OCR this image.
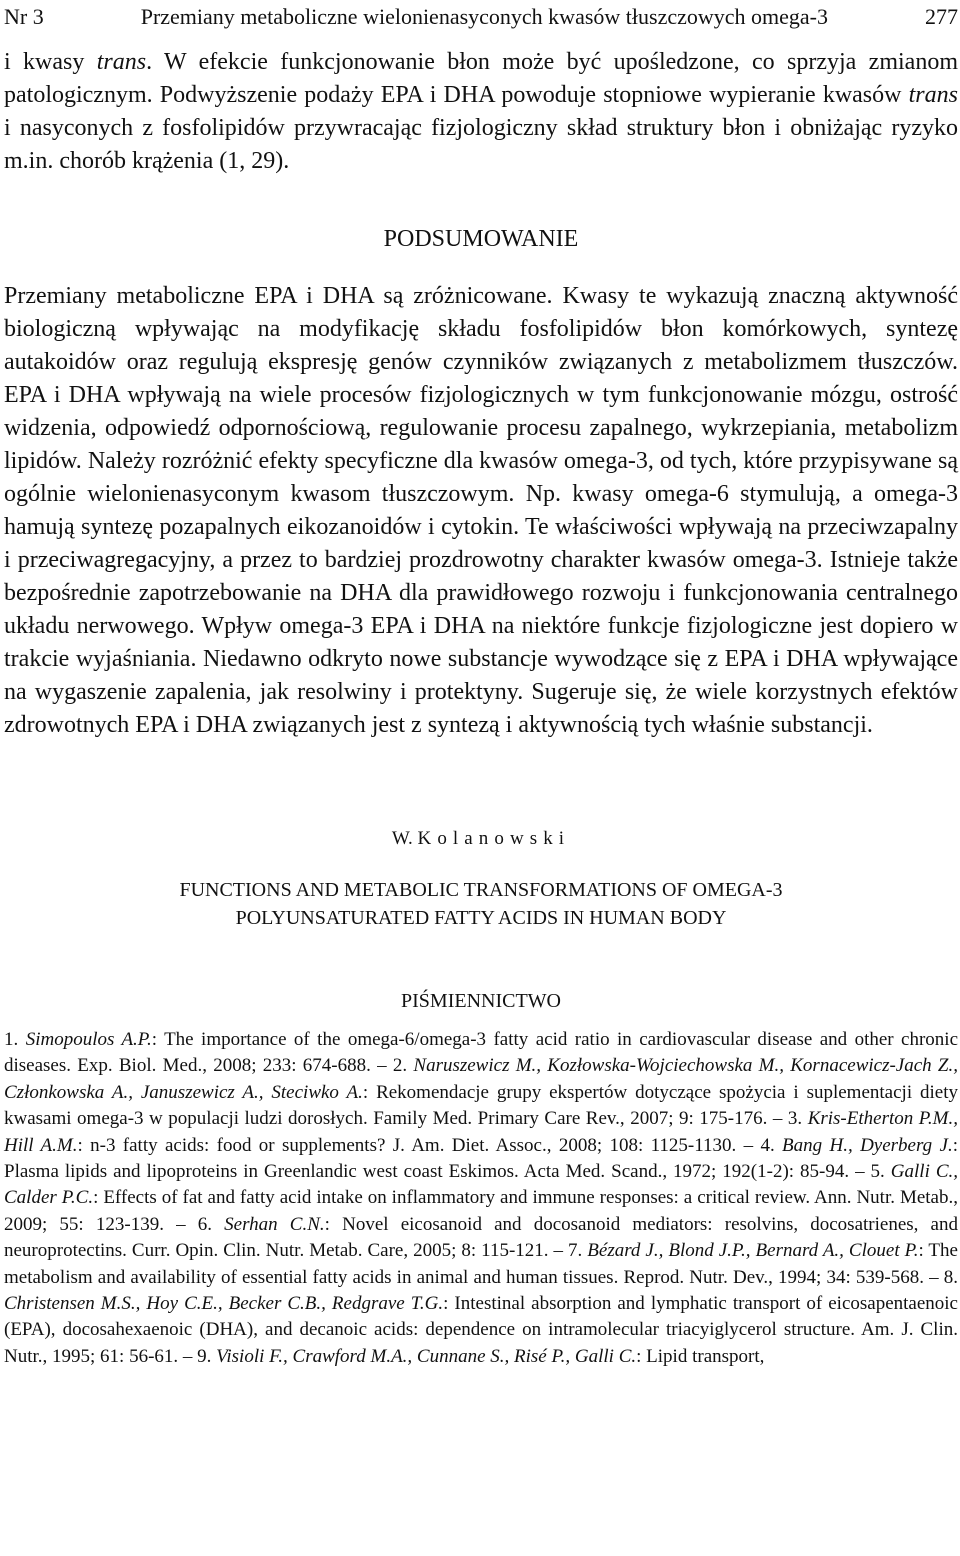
Nr 3	Przemiany metaboliczne wielonienasyconych kwasów tłuszczowych omega-3	277

i kwasy trans. W efekcie funkcjonowanie błon może być upośledzone, co sprzyja zmianom patologicznym. Podwyższenie podaży EPA i DHA powoduje stopniowe wypieranie kwasów trans i nasyconych z fosfolipidów przywracając fizjologiczny skład struktury błon i obniżając ryzyko m.in. chorób krążenia (1, 29).

PODSUMOWANIE

Przemiany metaboliczne EPA i DHA są zróżnicowane. Kwasy te wykazują znaczną aktywność biologiczną wpływając na modyfikację składu fosfolipidów błon komórkowych, syntezę autakoidów oraz regulują ekspresję genów czynników związanych z metabolizmem tłuszczów. EPA i DHA wpływają na wiele procesów fizjologicznych w tym funkcjonowanie mózgu, ostrość widzenia, odpowiedź odpornościową, regulowanie procesu zapalnego, wykrzepiania, metabolizm lipidów. Należy rozróżnić efekty specyficzne dla kwasów omega-3, od tych, które przypisywane są ogólnie wielonienasyconym kwasom tłuszczowym. Np. kwasy omega-6 stymulują, a omega-3 hamują syntezę pozapalnych eikozanoidów i cytokin. Te właściwości wpływają na przeciwzapalny i przeciwagregacyjny, a przez to bardziej prozdrowotny charakter kwasów omega-3. Istnieje także bezpośrednie zapotrzebowanie na DHA dla prawidłowego rozwoju i funkcjonowania centralnego układu nerwowego. Wpływ omega-3 EPA i DHA na niektóre funkcje fizjologiczne jest dopiero w trakcie wyjaśniania. Niedawno odkryto nowe substancje wywodzące się z EPA i DHA wpływające na wygaszenie zapalenia, jak resolwiny i protektyny. Sugeruje się, że wiele korzystnych efektów zdrowotnych EPA i DHA związanych jest z syntezą i aktywnością tych właśnie substancji.

W. Kolanowski
FUNCTIONS AND METABOLIC TRANSFORMATIONS OF OMEGA-3
POLYUNSATURATED FATTY ACIDS IN HUMAN BODY
PIŚMIENNICTWO

1. Simopoulos A.P.: The importance of the omega-6/omega-3 fatty acid ratio in cardiovascular disease and other chronic diseases. Exp. Biol. Med., 2008; 233: 674-688. – 2. Naruszewicz M., Kozłowska-Wojciechowska M., Kornacewicz-Jach Z., Członkowska A., Januszewicz A., Steciwko A.: Rekomendacje grupy ekspertów dotyczące spożycia i suplementacji diety kwasami omega-3 w populacji ludzi dorosłych. Family Med. Primary Care Rev., 2007; 9: 175-176. – 3. Kris-Etherton P.M., Hill A.M.: n-3 fatty acids: food or supplements? J. Am. Diet. Assoc., 2008; 108: 1125-1130. – 4. Bang H., Dyerberg J.: Plasma lipids and lipoproteins in Greenlandic west coast Eskimos. Acta Med. Scand., 1972; 192(1-2): 85-94. – 5. Galli C., Calder P.C.: Effects of fat and fatty acid intake on inflammatory and immune responses: a critical review. Ann. Nutr. Metab., 2009; 55: 123-139. – 6. Serhan C.N.: Novel eicosanoid and docosanoid mediators: resolvins, docosatrienes, and neuroprotectins. Curr. Opin. Clin. Nutr. Metab. Care, 2005; 8: 115-121. – 7. Bézard J., Blond J.P., Bernard A., Clouet P.: The metabolism and availability of essential fatty acids in animal and human tissues. Reprod. Nutr. Dev., 1994; 34: 539-568. – 8. Christensen M.S., Hoy C.E., Becker C.B., Redgrave T.G.: Intestinal absorption and lymphatic transport of eicosapentaenoic (EPA), docosahexaenoic (DHA), and decanoic acids: dependence on intramolecular triacyiglycerol structure. Am. J. Clin. Nutr., 1995; 61: 56-61. – 9. Visioli F., Crawford M.A., Cunnane S., Risé P., Galli C.: Lipid transport,
